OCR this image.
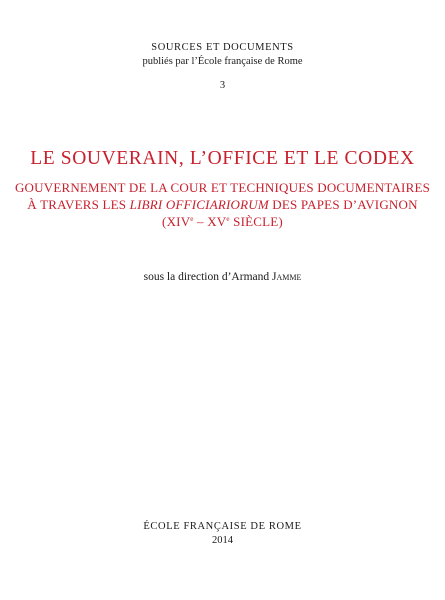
SOURCES ET DOCUMENTS
publiés par l’École française de Rome
3
LE SOUVERAIN, L’OFFICE ET LE CODEX
GOUVERNEMENT DE LA COUR ET TECHNIQUES DOCUMENTAIRES
À TRAVERS LES LIBRI OFFICIARIORUM DES PAPES D’AVIGNON
(XIVe – XVe SIÈCLE)
sous la direction d’Armand Jamme
ÉCOLE FRANÇAISE DE ROME
2014
